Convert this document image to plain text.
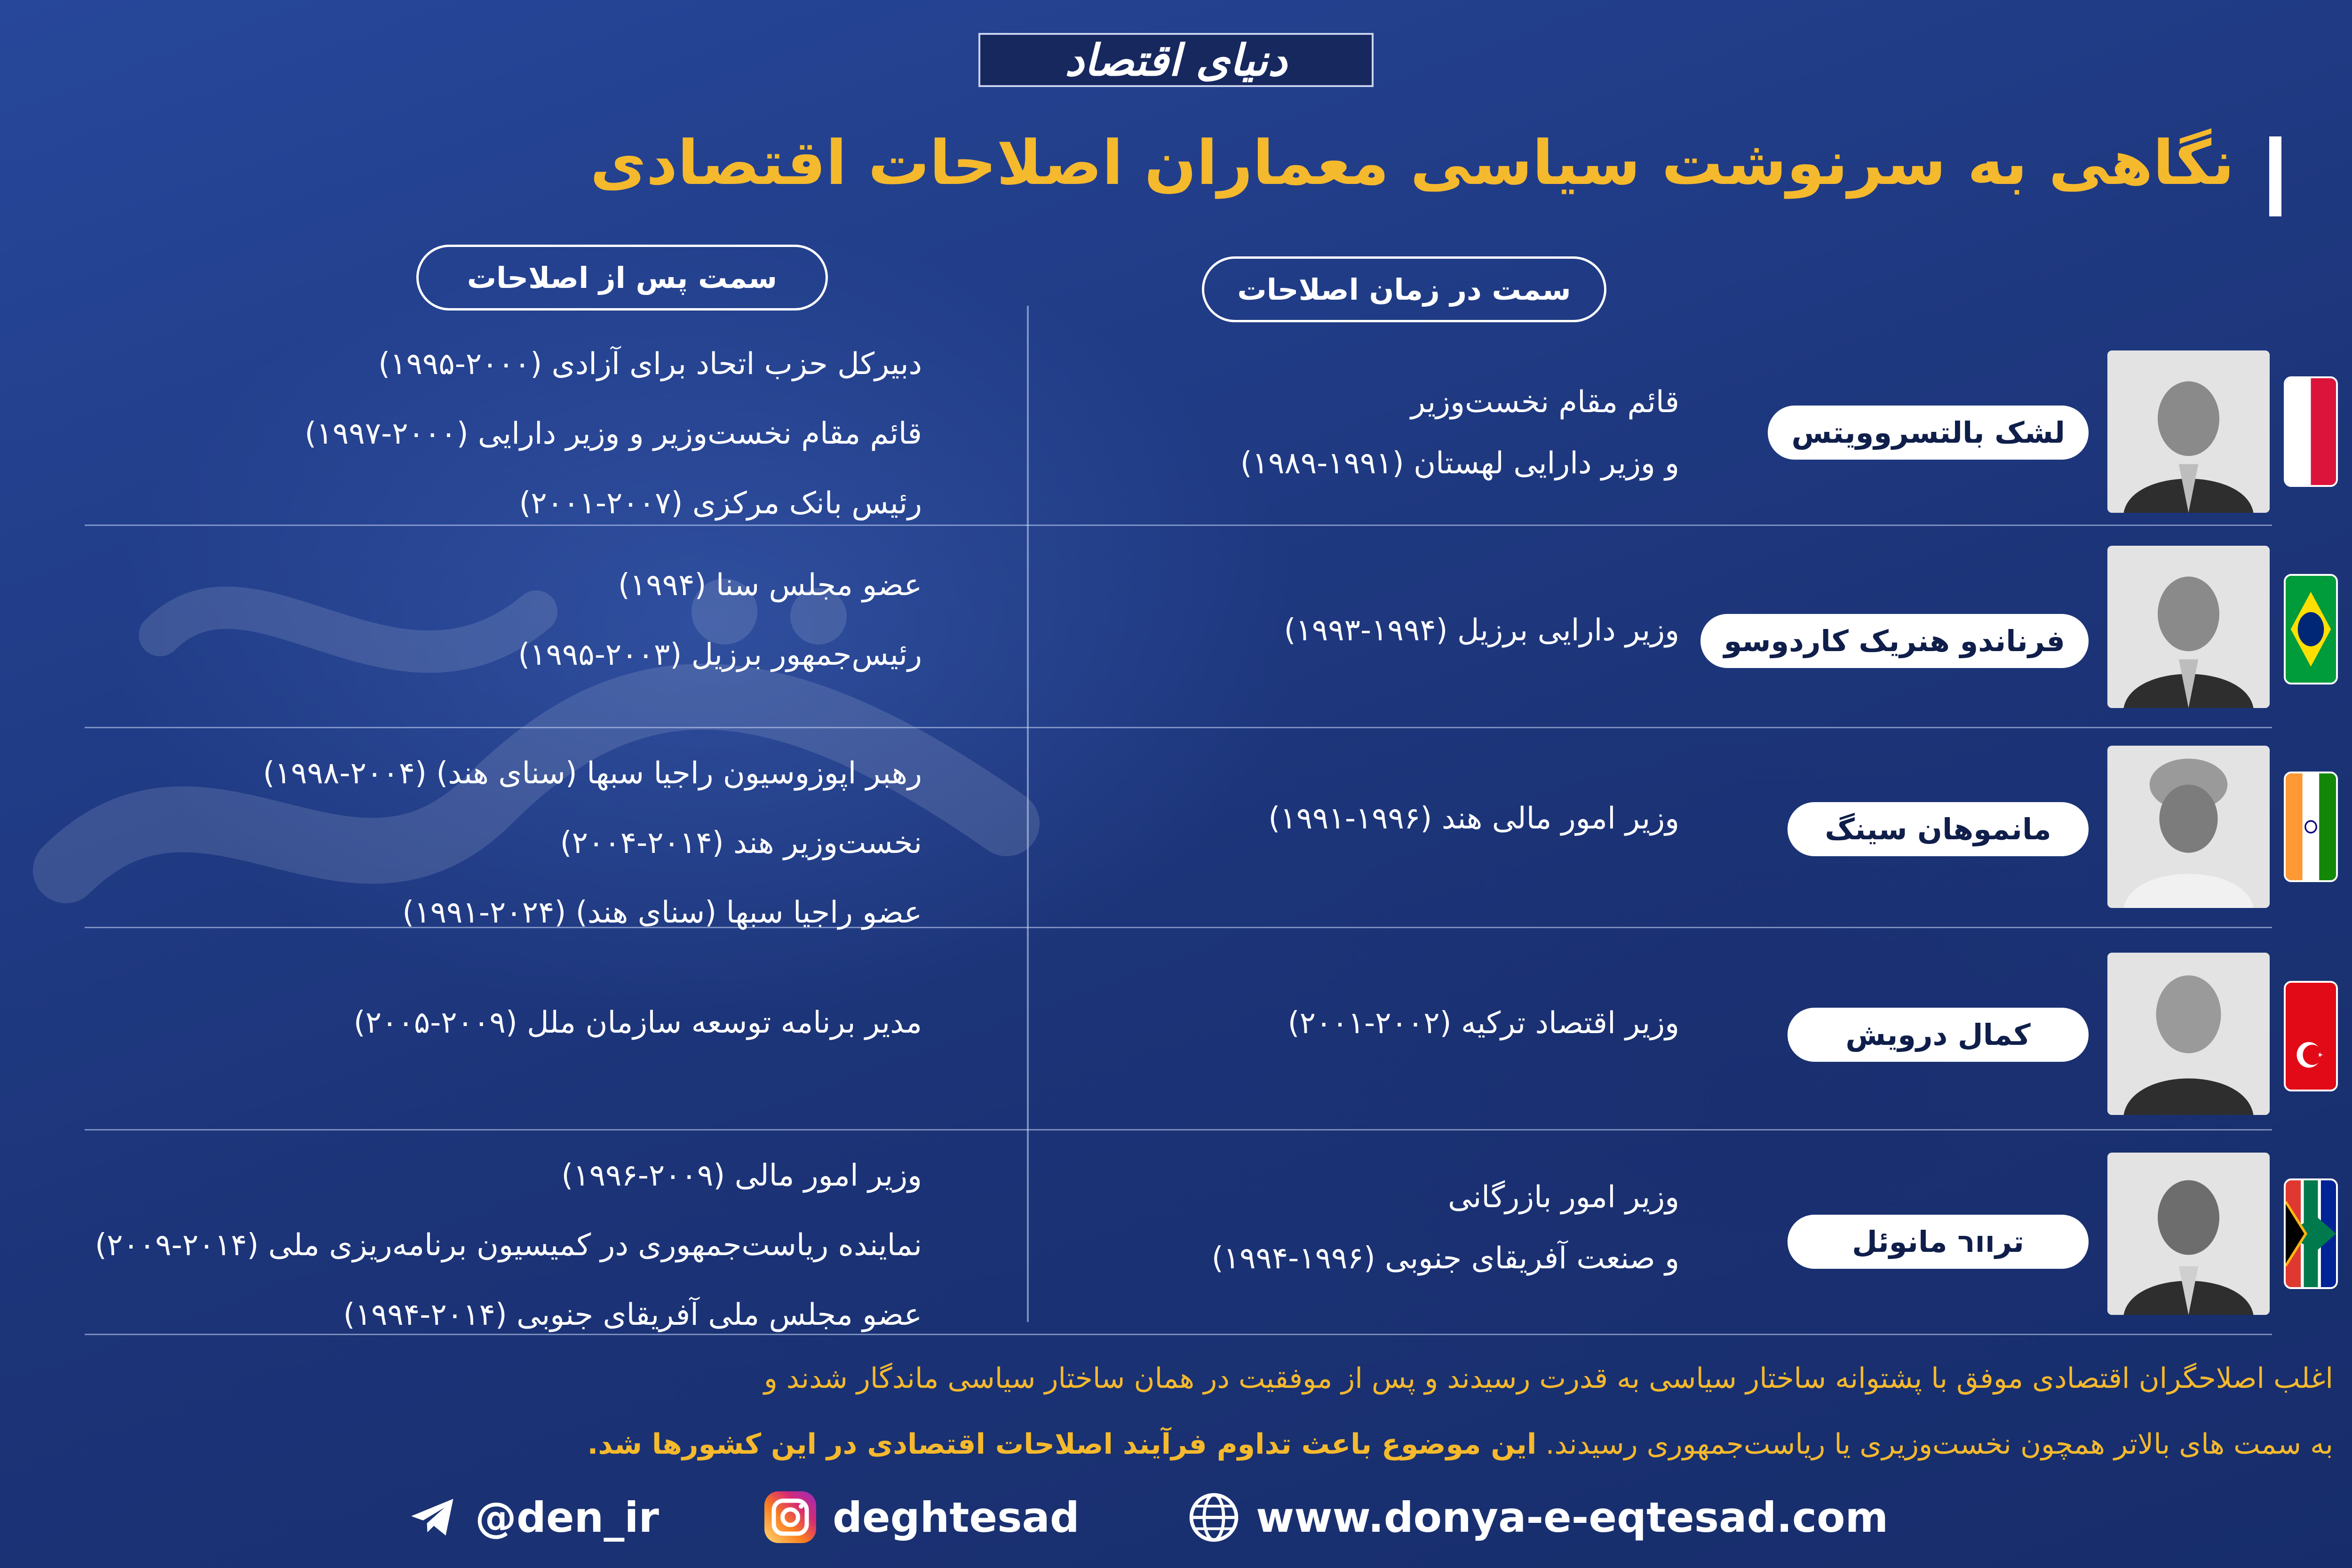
دنیای اقتصاد
نگاهی به سرنوشت سیاسی معماران اصلاحات اقتصادی
سمت در زمان اصلاحات
سمت پس از اصلاحات
لشک بالتسروویتس
قائم مقام نخست‌وزیر
و وزیر دارایی لهستان (۱۹۹۱-۱۹۸۹)
دبیرکل حزب اتحاد برای آزادی (۲۰۰۰-۱۹۹۵)
قائم مقام نخست‌وزیر و وزیر دارایی (۲۰۰۰-۱۹۹۷)
رئیس بانک مرکزی (۲۰۰۷-۲۰۰۱)
فرناندو هنریک کاردوسو
وزیر دارایی برزیل (۱۹۹۴-۱۹۹۳)
عضو مجلس سنا (۱۹۹۴)
رئیس‌جمهور برزیل (۲۰۰۳-۱۹۹۵)
مانموهان سینگ
وزیر امور مالی هند (۱۹۹۶-۱۹۹۱)
رهبر اپوزوسیون راجیا سبها (سنای هند) (۲۰۰۴-۱۹۹۸)
نخست‌وزیر هند (۲۰۱۴-۲۰۰۴)
عضو راجیا سبها (سنای هند) (۲۰۲۴-۱۹۹۱)
کمال درویش
وزیر اقتصاد ترکیه (۲۰۰۲-۲۰۰۱)
مدیر برنامه توسعه سازمان ملل (۲۰۰۹-۲۰۰۵)
ترוור مانوئل
وزیر امور بازرگانی
و صنعت آفریقای جنوبی (۱۹۹۶-۱۹۹۴)
وزیر امور مالی (۲۰۰۹-۱۹۹۶)
نماینده ریاست‌جمهوری در کمیسیون برنامه‌ریزی ملی (۲۰۱۴-۲۰۰۹)
عضو مجلس ملی آفریقای جنوبی (۲۰۱۴-۱۹۹۴)
اغلب اصلاحگران اقتصادی موفق با پشتوانه ساختار سیاسی به قدرت رسیدند و پس از موفقیت در همان ساختار سیاسی ماندگار شدند و
به سمت های بالاتر همچون نخست‌وزیری یا ریاست‌جمهوری رسیدند. این موضوع باعث تداوم فرآیند اصلاحات اقتصادی در این کشورها شد.
@den_ir	deghtesad	www.donya-e-eqtesad.com
